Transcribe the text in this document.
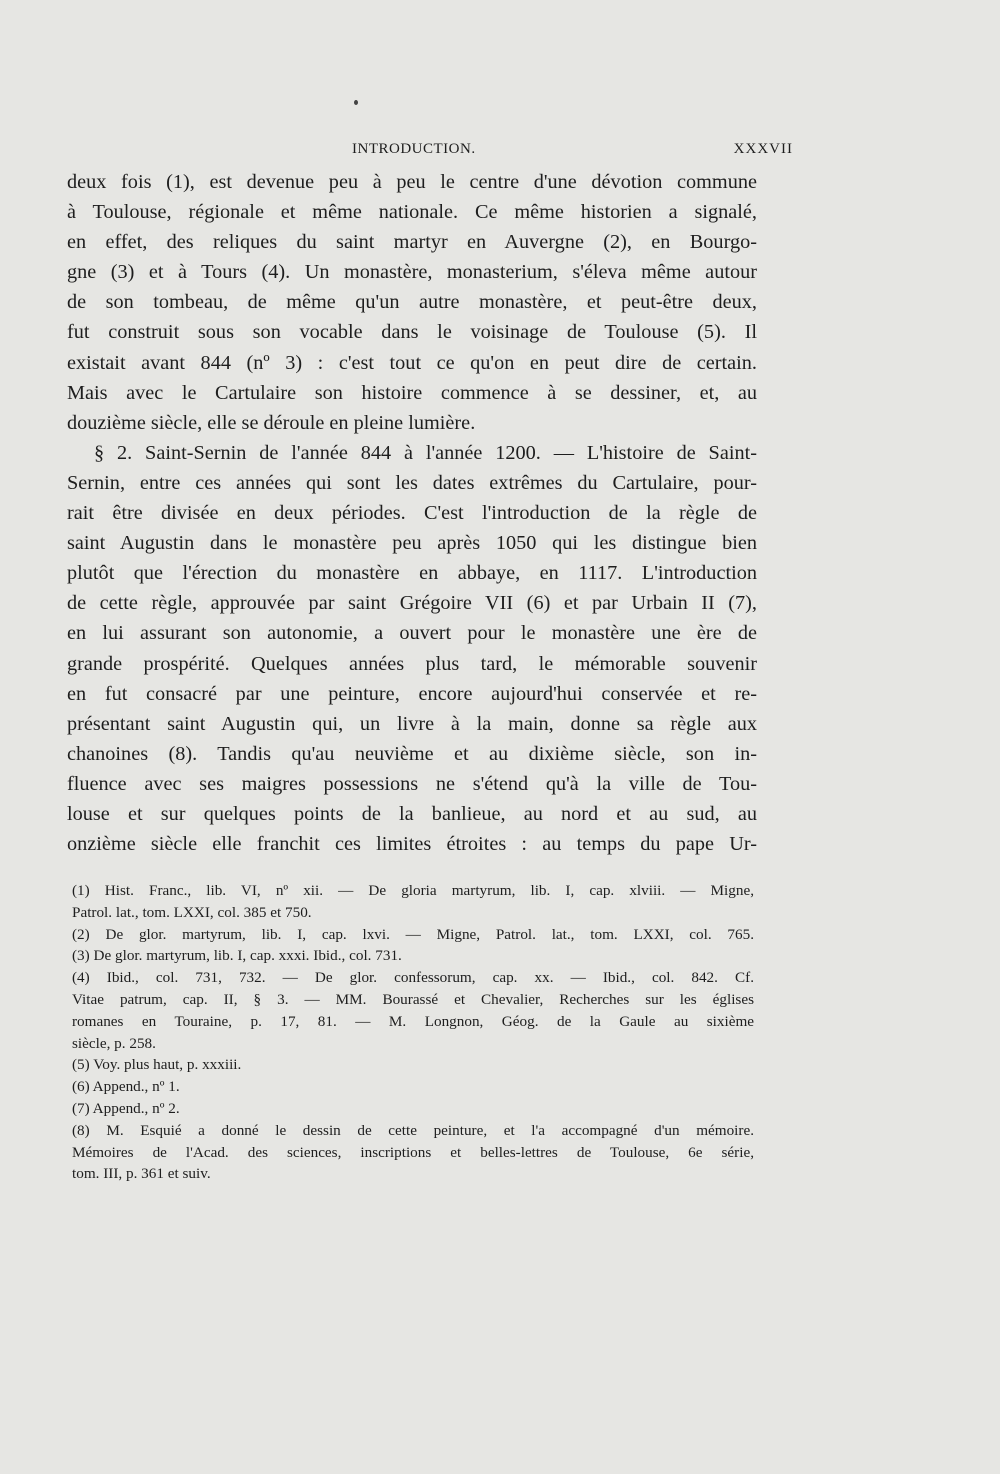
INTRODUCTION.	XXXVII
deux fois (1), est devenue peu à peu le centre d'une dévotion commune
à Toulouse, régionale et même nationale. Ce même historien a signalé,
en effet, des reliques du saint martyr en Auvergne (2), en Bourgo-
gne (3) et à Tours (4). Un monastère, monasterium, s'éleva même autour
de son tombeau, de même qu'un autre monastère, et peut-être deux,
fut construit sous son vocable dans le voisinage de Toulouse (5). Il
existait avant 844 (nº 3) : c'est tout ce qu'on en peut dire de certain.
Mais avec le Cartulaire son histoire commence à se dessiner, et, au
douzième siècle, elle se déroule en pleine lumière.
§ 2. Saint-Sernin de l'année 844 à l'année 1200. — L'histoire de Saint-
Sernin, entre ces années qui sont les dates extrêmes du Cartulaire, pour-
rait être divisée en deux périodes. C'est l'introduction de la règle de
saint Augustin dans le monastère peu après 1050 qui les distingue bien
plutôt que l'érection du monastère en abbaye, en 1117. L'introduction
de cette règle, approuvée par saint Grégoire VII (6) et par Urbain II (7),
en lui assurant son autonomie, a ouvert pour le monastère une ère de
grande prospérité. Quelques années plus tard, le mémorable souvenir
en fut consacré par une peinture, encore aujourd'hui conservée et re-
présentant saint Augustin qui, un livre à la main, donne sa règle aux
chanoines (8). Tandis qu'au neuvième et au dixième siècle, son in-
fluence avec ses maigres possessions ne s'étend qu'à la ville de Tou-
louse et sur quelques points de la banlieue, au nord et au sud, au
onzième siècle elle franchit ces limites étroites : au temps du pape Ur-
(1) Hist. Franc., lib. VI, nº xii. — De gloria martyrum, lib. I, cap. xlviii. — Migne,
Patrol. lat., tom. LXXI, col. 385 et 750.
(2) De glor. martyrum, lib. I, cap. lxvi. — Migne, Patrol. lat., tom. LXXI, col. 765.
(3) De glor. martyrum, lib. I, cap. xxxi. Ibid., col. 731.
(4) Ibid., col. 731, 732. — De glor. confessorum, cap. xx. — Ibid., col. 842. Cf.
Vitae patrum, cap. II, § 3. — MM. Bourassé et Chevalier, Recherches sur les églises
romanes en Touraine, p. 17, 81. — M. Longnon, Géog. de la Gaule au sixième
siècle, p. 258.
(5) Voy. plus haut, p. xxxiii.
(6) Append., nº 1.
(7) Append., nº 2.
(8) M. Esquié a donné le dessin de cette peinture, et l'a accompagné d'un mémoire.
Mémoires de l'Acad. des sciences, inscriptions et belles-lettres de Toulouse, 6e série,
tom. III, p. 361 et suiv.
